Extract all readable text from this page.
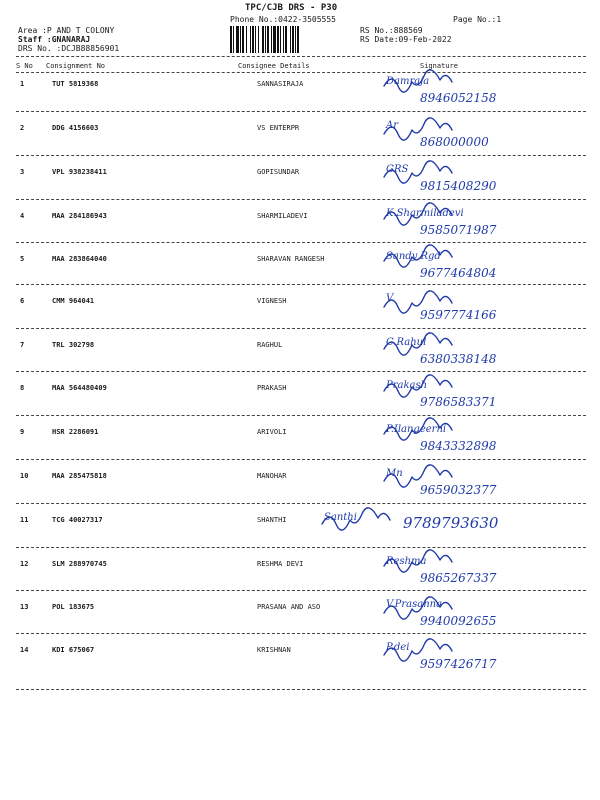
TPC/CJB DRS - P30
Phone No.:0422-3505555	Page No.:1
Area :P AND T COLONY
Staff :GNANARAJ
DRS No. :DCJB88856901
RS No.:888569
RS Date:09-Feb-2022
S No Consignment No	Consignee Details	Signature
1	TUT 5819368	SANNASIRAJA	Damraja
8946052158
2	DDG 4156603	VS ENTERPR	Ar
868000000
3	VPL 938238411	GOPISUNDAR	GRS
9815408290
4	MAA 284186943	SHARMILADEVI	K.Sharmiladevi
9585071987
5	MAA 283864040	SHARAVAN RANGESH	Sandy Rgd
9677464804
6	CMM 964041	VIGNESH	V
9597774166
7	TRL 302798	RAGHUL	C.Rahul
6380338148
8	MAA 564480409	PRAKASH	Prakash
9786583371
9	HSR 2286091	ARIVOLI	P.Ilangeerni
9843332898
10	MAA 285475818	MANOHAR	Mn
9659032377
11	TCG 40027317	SHANTHI	Santhi	9789793630
12	SLM 288970745	RESHMA DEVI	Reshma
9865267337
13	POL 183675	PRASANA AND ASO	V.Prasanna
9940092655
14	KDI 675067	KRISHNAN	P.dei
9597426717
